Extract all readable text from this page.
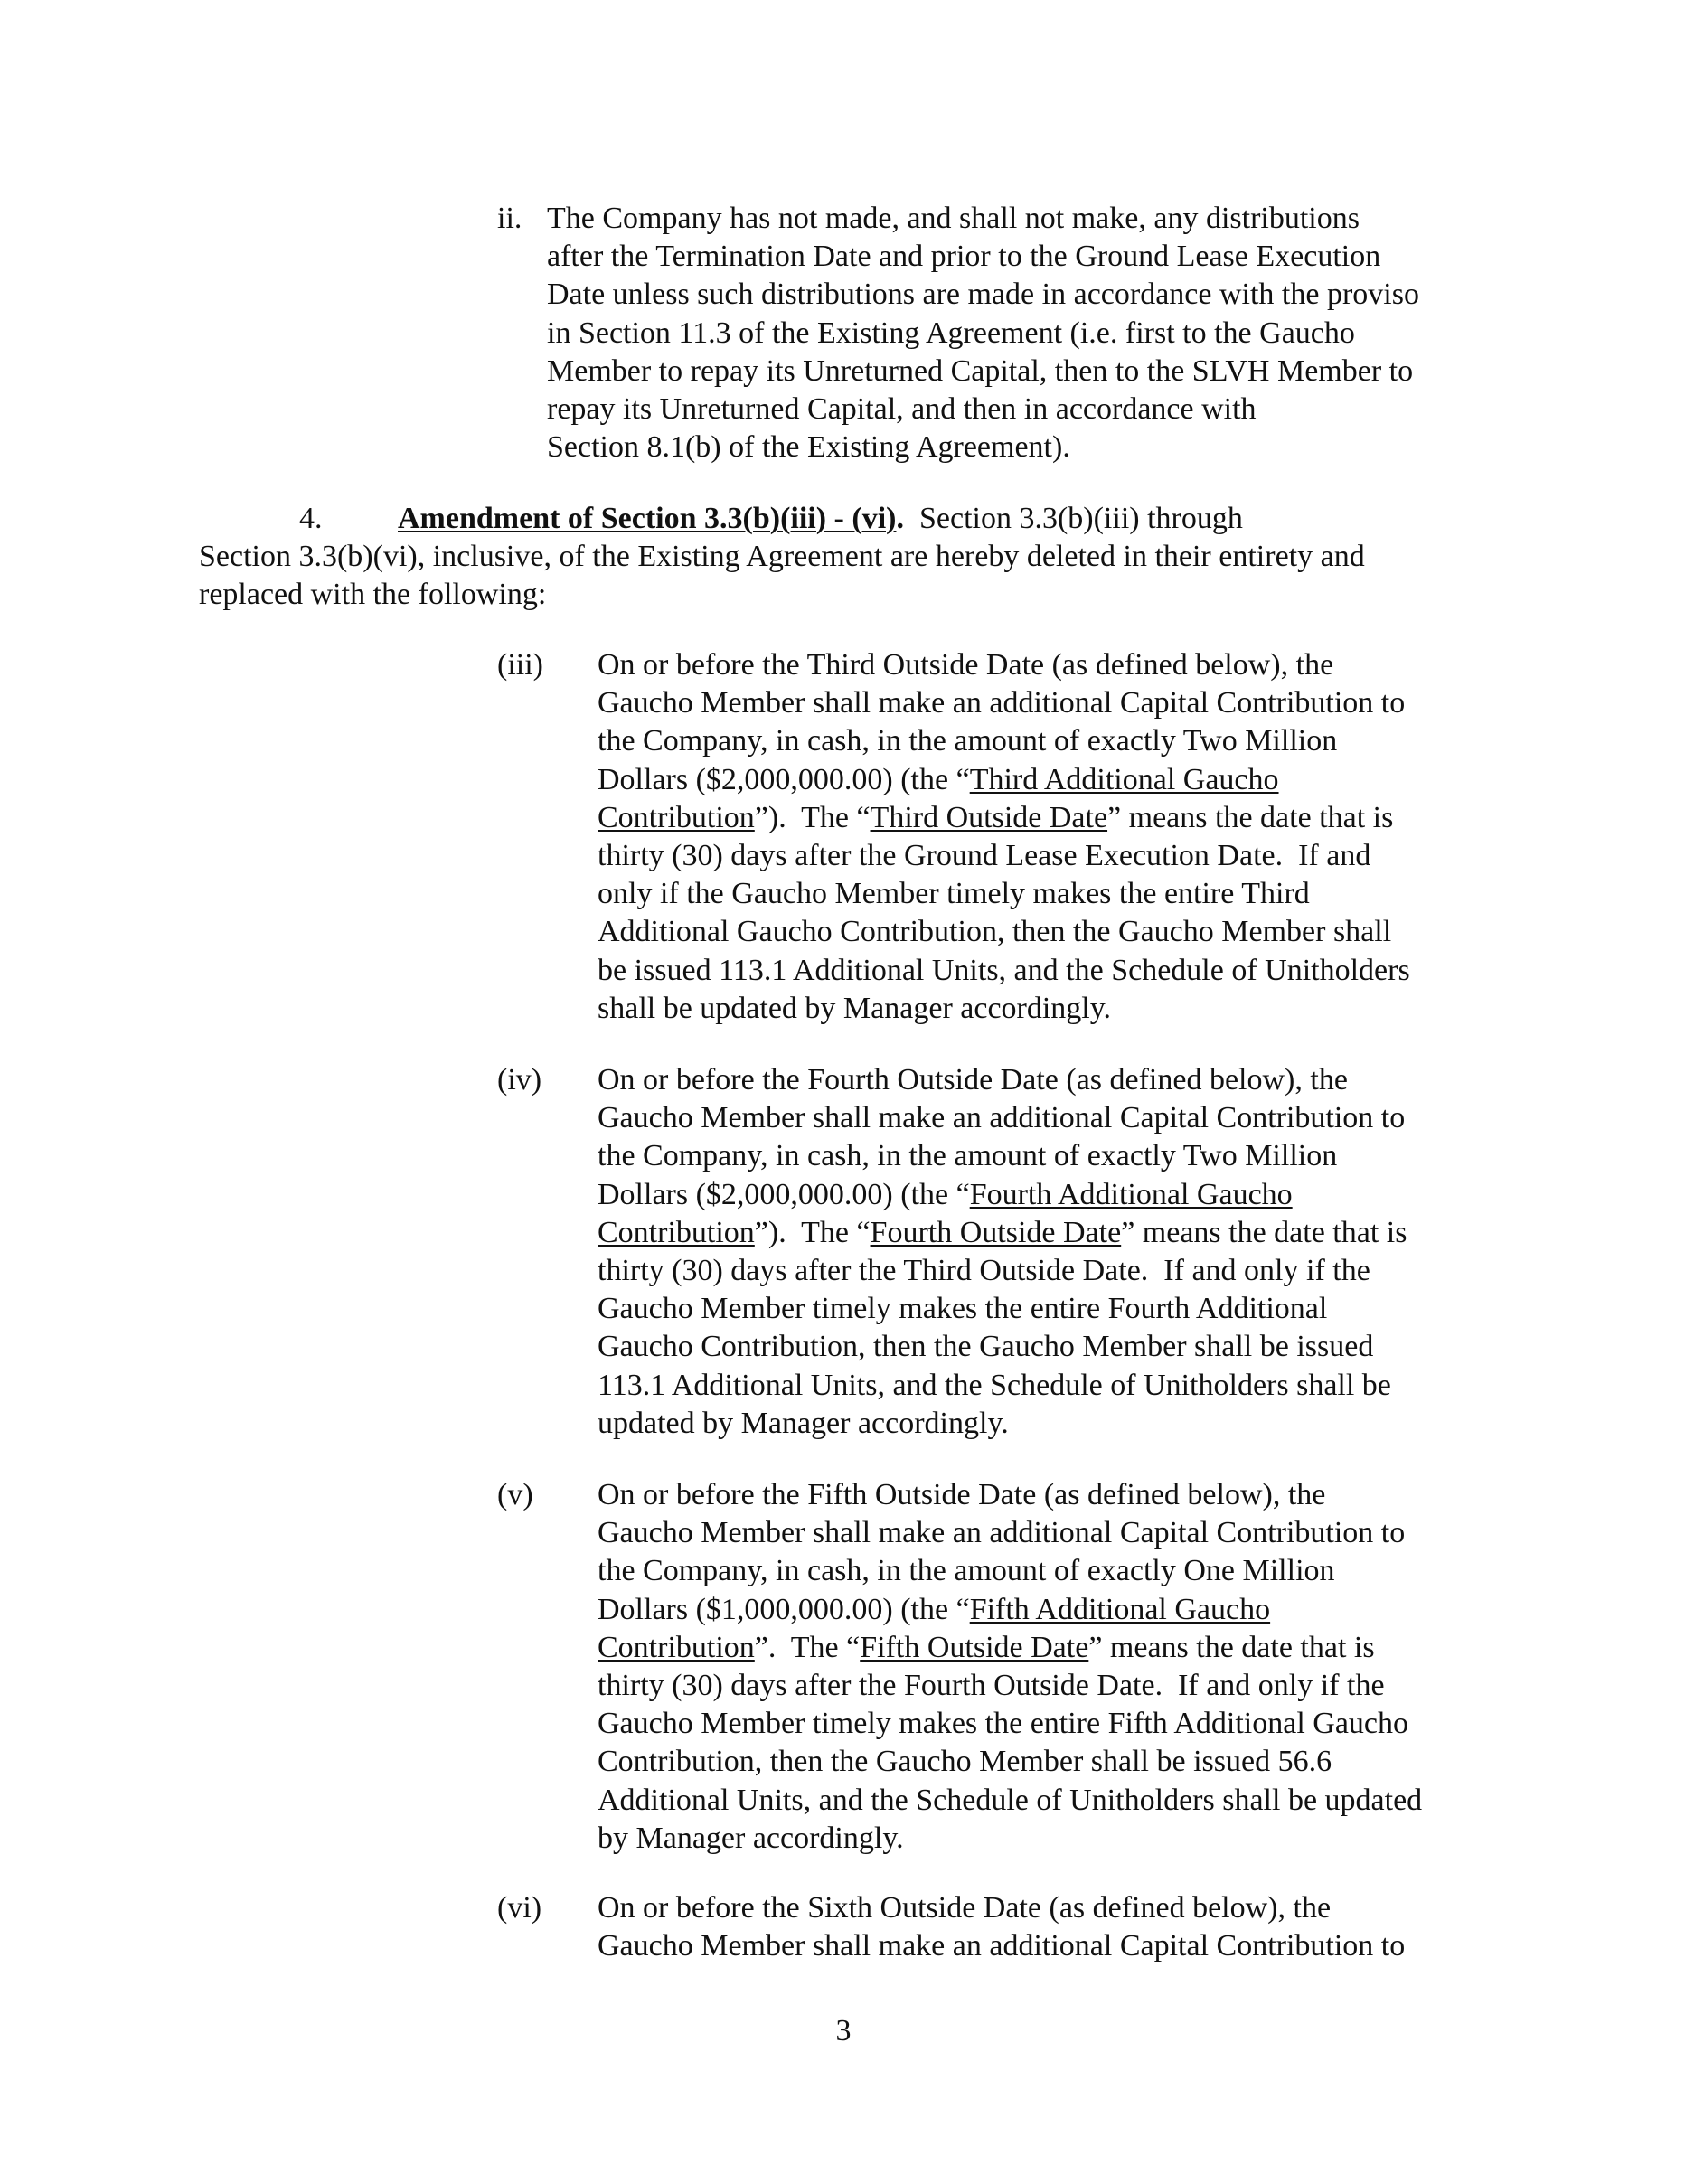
ii. The Company has not made, and shall not make, any distributions
after the Termination Date and prior to the Ground Lease Execution
Date unless such distributions are made in accordance with the proviso
in Section 11.3 of the Existing Agreement (i.e. first to the Gaucho
Member to repay its Unreturned Capital, then to the SLVH Member to
repay its Unreturned Capital, and then in accordance with
Section 8.1(b) of the Existing Agreement).
4. Amendment of Section 3.3(b)(iii) - (vi).  Section 3.3(b)(iii) through
Section 3.3(b)(vi), inclusive, of the Existing Agreement are hereby deleted in their entirety and
replaced with the following:
(iii) On or before the Third Outside Date (as defined below), the
Gaucho Member shall make an additional Capital Contribution to
the Company, in cash, in the amount of exactly Two Million
Dollars ($2,000,000.00) (the “Third Additional Gaucho
Contribution”).  The “Third Outside Date” means the date that is
thirty (30) days after the Ground Lease Execution Date.  If and
only if the Gaucho Member timely makes the entire Third
Additional Gaucho Contribution, then the Gaucho Member shall
be issued 113.1 Additional Units, and the Schedule of Unitholders
shall be updated by Manager accordingly.
(iv) On or before the Fourth Outside Date (as defined below), the
Gaucho Member shall make an additional Capital Contribution to
the Company, in cash, in the amount of exactly Two Million
Dollars ($2,000,000.00) (the “Fourth Additional Gaucho
Contribution”).  The “Fourth Outside Date” means the date that is
thirty (30) days after the Third Outside Date.  If and only if the
Gaucho Member timely makes the entire Fourth Additional
Gaucho Contribution, then the Gaucho Member shall be issued
113.1 Additional Units, and the Schedule of Unitholders shall be
updated by Manager accordingly.
(v) On or before the Fifth Outside Date (as defined below), the
Gaucho Member shall make an additional Capital Contribution to
the Company, in cash, in the amount of exactly One Million
Dollars ($1,000,000.00) (the “Fifth Additional Gaucho
Contribution”.  The “Fifth Outside Date” means the date that is
thirty (30) days after the Fourth Outside Date.  If and only if the
Gaucho Member timely makes the entire Fifth Additional Gaucho
Contribution, then the Gaucho Member shall be issued 56.6
Additional Units, and the Schedule of Unitholders shall be updated
by Manager accordingly.
(vi) On or before the Sixth Outside Date (as defined below), the
Gaucho Member shall make an additional Capital Contribution to
3
